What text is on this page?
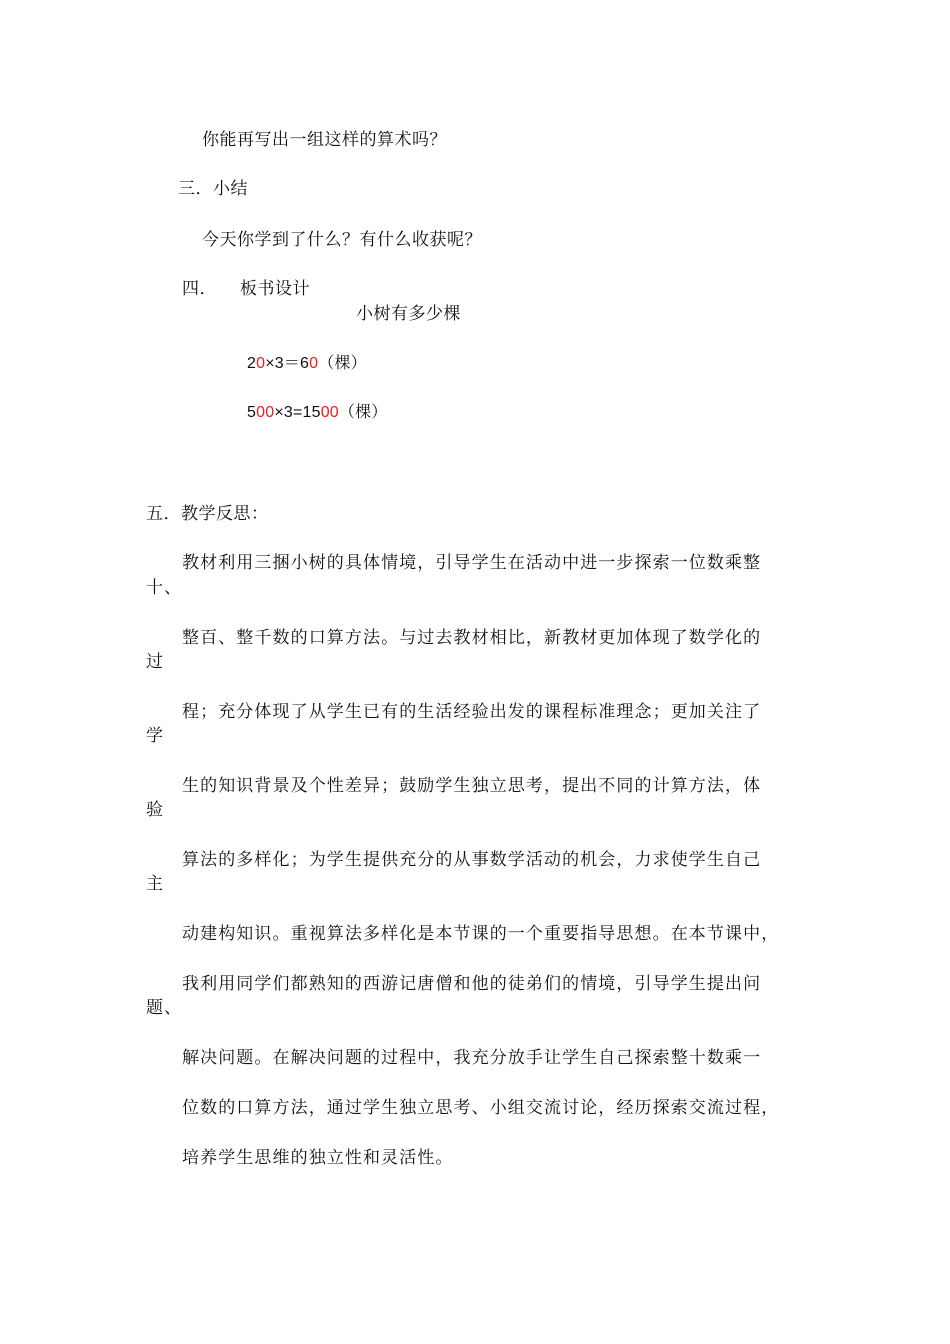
你能再写出一组这样的算术吗？
三．小结
今天你学到了什么？有什么收获呢？
四． 板书设计
小树有多少棵
20×3＝60（棵）
500×3=1500（棵）
五．教学反思：
教材利用三捆小树的具体情境，引导学生在活动中进一步探索一位数乘整
十、
整百、整千数的口算方法。与过去教材相比，新教材更加体现了数学化的
过
程；充分体现了从学生已有的生活经验出发的课程标准理念；更加关注了
学
生的知识背景及个性差异；鼓励学生独立思考，提出不同的计算方法，体
验
算法的多样化；为学生提供充分的从事数学活动的机会，力求使学生自己
主
动建构知识。重视算法多样化是本节课的一个重要指导思想。在本节课中，
我利用同学们都熟知的西游记唐僧和他的徒弟们的情境，引导学生提出问
题、
解决问题。在解决问题的过程中，我充分放手让学生自己探索整十数乘一
位数的口算方法，通过学生独立思考、小组交流讨论，经历探索交流过程，
培养学生思维的独立性和灵活性。
